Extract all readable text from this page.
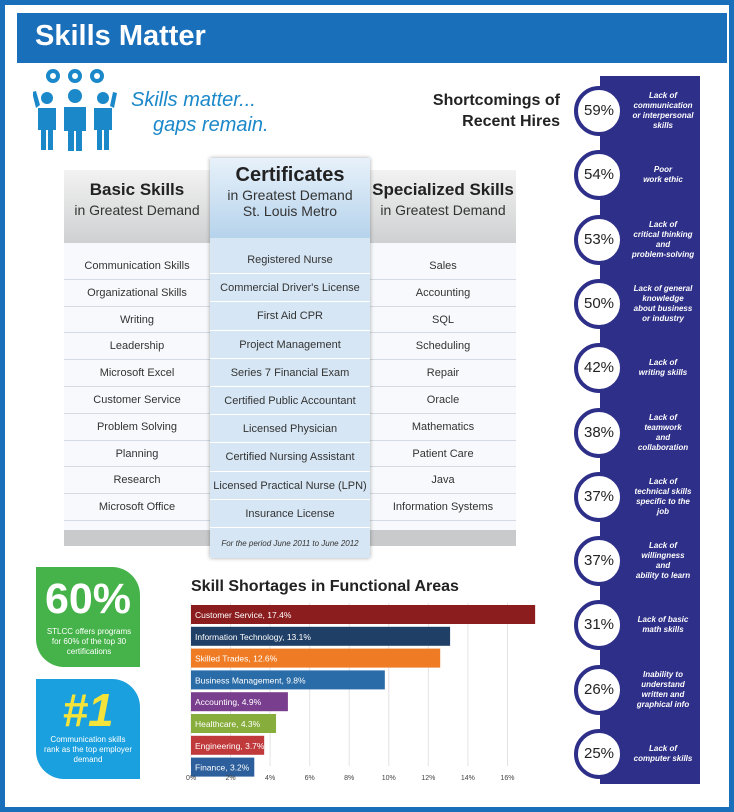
Skills Matter
Skills matter...
gaps remain.
Basic Skills
in Greatest Demand
Communication Skills
Organizational Skills
Writing
Leadership
Microsoft Excel
Customer Service
Problem Solving
Planning
Research
Microsoft Office
Specialized Skills
in Greatest Demand
Sales
Accounting
SQL
Scheduling
Repair
Oracle
Mathematics
Patient Care
Java
Information Systems
Certificates
in Greatest Demand
St. Louis Metro
Registered Nurse
Commercial Driver's License
First Aid CPR
Project Management
Series 7 Financial Exam
Certified Public Accountant
Licensed Physician
Certified Nursing Assistant
Licensed Practical Nurse (LPN)
Insurance License
For the period June 2011 to June 2012
Shortcomings of
Recent Hires
59%
Lack of
communication
or interpersonal
skills
54%	Poor
work ethic
53%
Lack of
critical thinking
and
problem-solving
50%
Lack of general
knowledge
about business
or industry
42%	Lack of
writing skills
38%
Lack of
teamwork
and
collaboration
37%
Lack of
technical skills
specific to the
job
37%
Lack of
willingness
and
ability to learn
31%	Lack of basic
math skills
26%
Inability to
understand
written and
graphical info
25%	Lack of
computer skills
60%
STLCC offers programs for 60% of the top 30 certifications
#1
Communication skills rank as the top employer demand
Skill Shortages in Functional Areas
Customer Service, 17.4%
Information Technology, 13.1%
Skilled Trades, 12.6%
Business Management, 9.8%
Accounting, 4.9%
Healthcare, 4.3%
Engineering, 3.7%
Finance, 3.2%
0%	2%	4%	6%	8%	10%	12%	14%	16%
